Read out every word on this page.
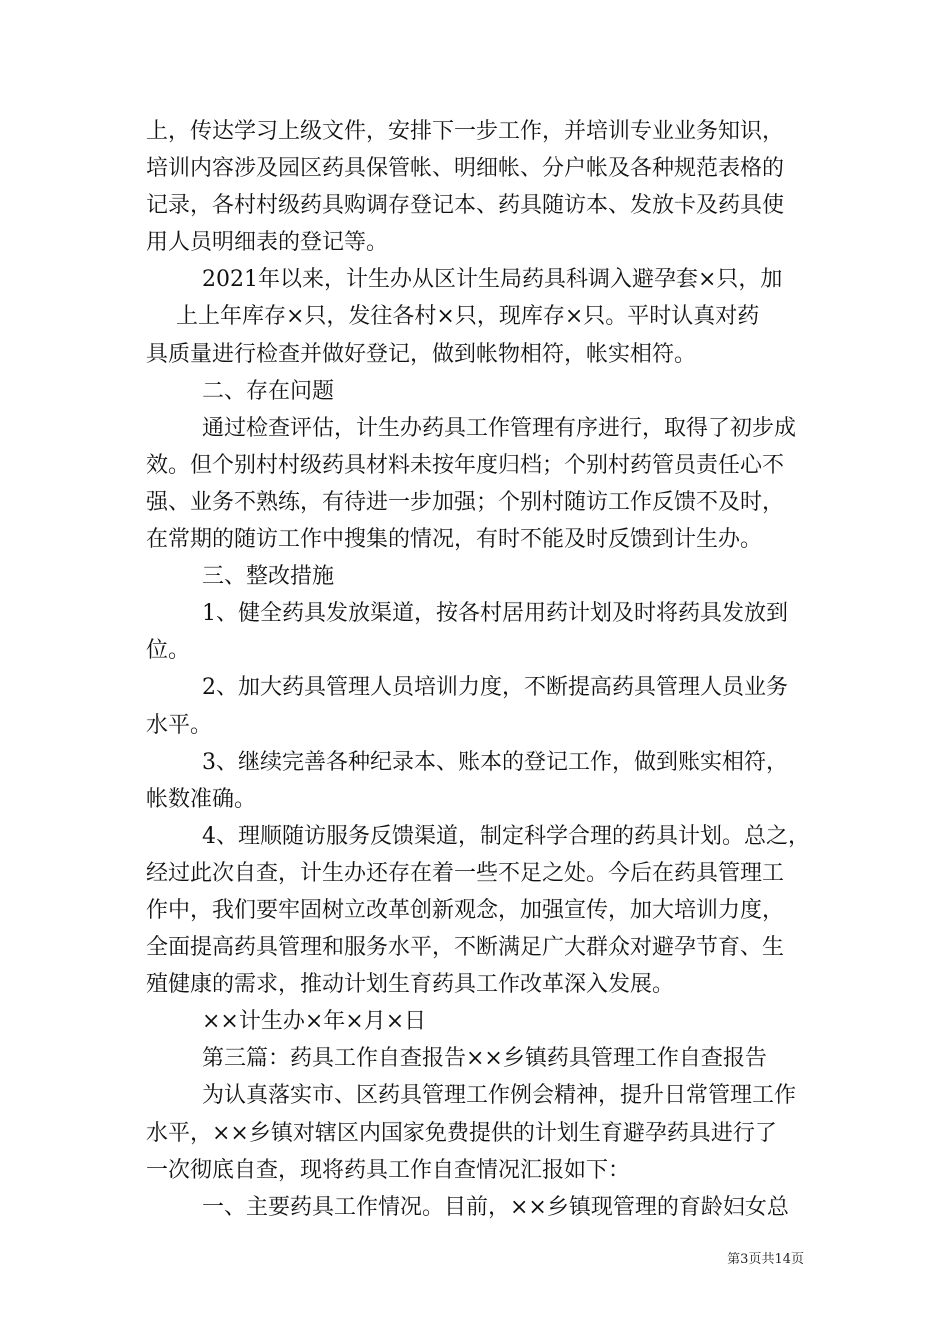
上，传达学习上级文件，安排下一步工作，并培训专业业务知识，
培训内容涉及园区药具保管帐、明细帐、分户帐及各种规范表格的
记录，各村村级药具购调存登记本、药具随访本、发放卡及药具使
用人员明细表的登记等。
2021年以来，计生办从区计生局药具科调入避孕套×只，加
上上年库存×只，发往各村×只，现库存×只。平时认真对药
具质量进行检查并做好登记，做到帐物相符，帐实相符。
二、存在问题
通过检查评估，计生办药具工作管理有序进行，取得了初步成
效。但个别村村级药具材料未按年度归档；个别村药管员责任心不
强、业务不熟练，有待进一步加强；个别村随访工作反馈不及时，
在常期的随访工作中搜集的情况，有时不能及时反馈到计生办。
三、整改措施
1、健全药具发放渠道，按各村居用药计划及时将药具发放到
位。
2、加大药具管理人员培训力度，不断提高药具管理人员业务
水平。
3、继续完善各种纪录本、账本的登记工作，做到账实相符，
帐数准确。
4、理顺随访服务反馈渠道，制定科学合理的药具计划。总之，
经过此次自查，计生办还存在着一些不足之处。今后在药具管理工
作中，我们要牢固树立改革创新观念，加强宣传，加大培训力度，
全面提高药具管理和服务水平，不断满足广大群众对避孕节育、生
殖健康的需求，推动计划生育药具工作改革深入发展。
××计生办×年×月×日
第三篇：药具工作自查报告××乡镇药具管理工作自查报告
为认真落实市、区药具管理工作例会精神，提升日常管理工作
水平，××乡镇对辖区内国家免费提供的计划生育避孕药具进行了
一次彻底自查，现将药具工作自查情况汇报如下：
一、主要药具工作情况。目前，××乡镇现管理的育龄妇女总
第3页共14页
